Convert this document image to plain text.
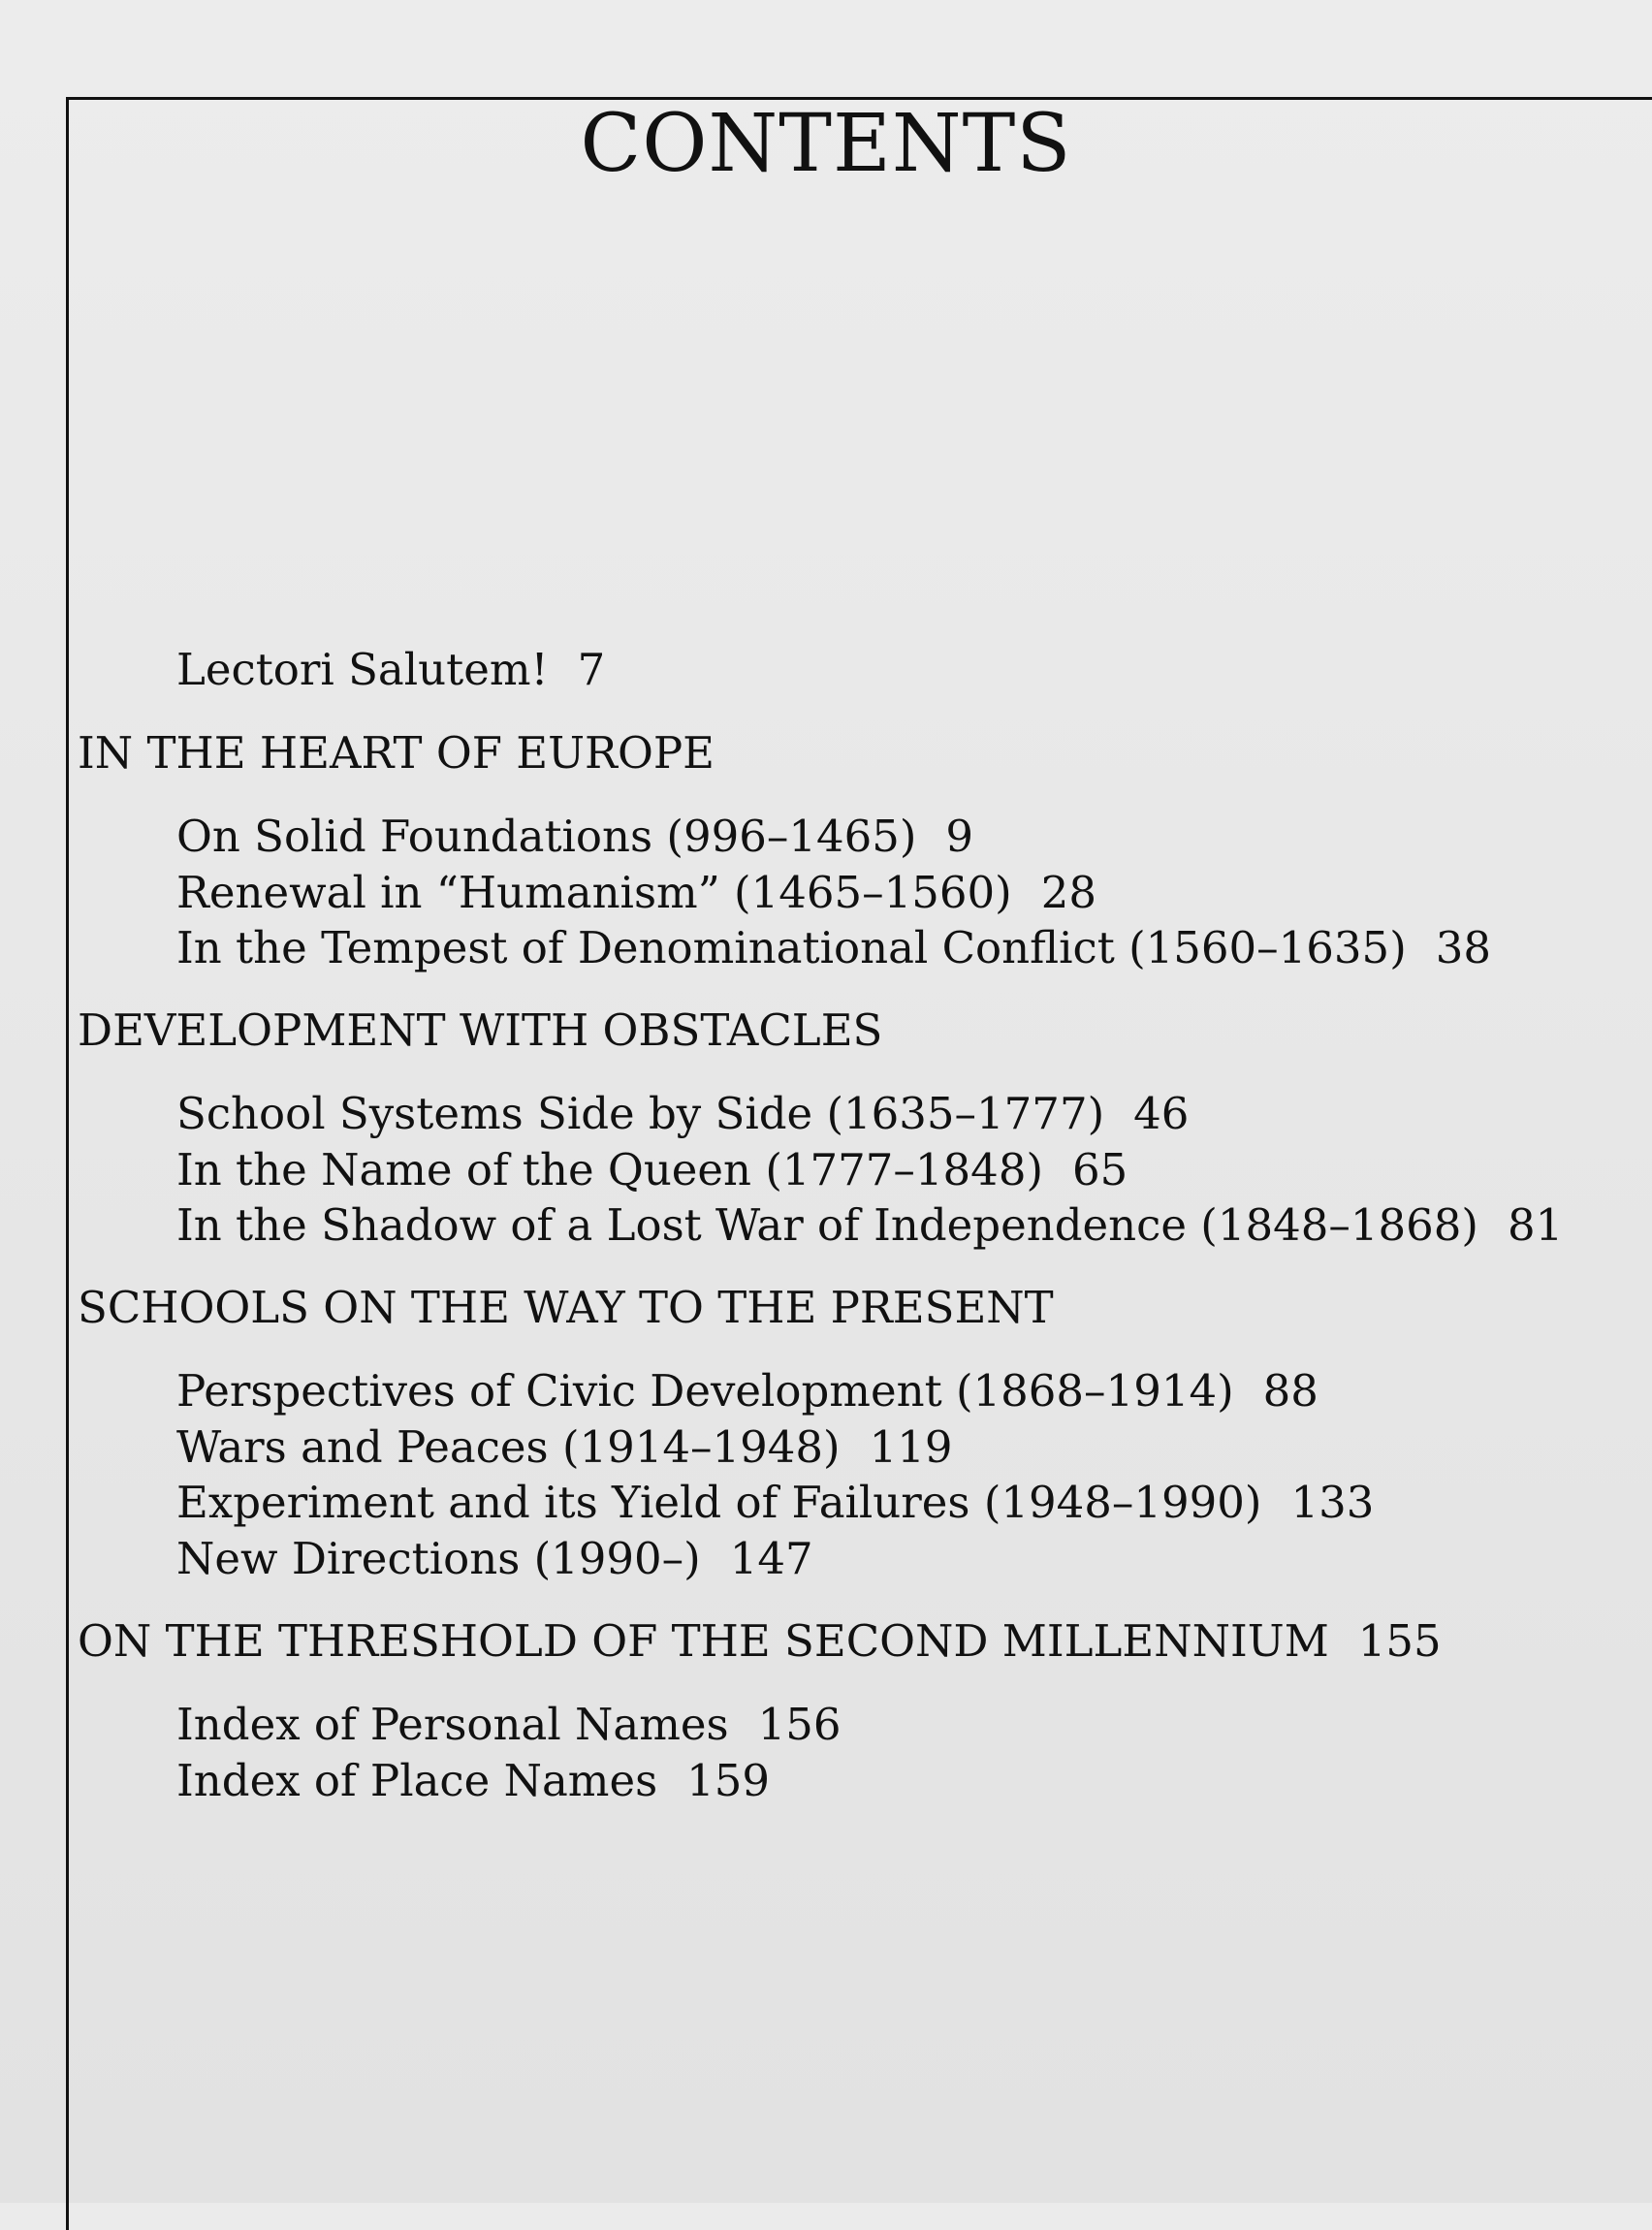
CONTENTS
Lectori Salutem! 7
IN THE HEART OF EUROPE
On Solid Foundations (996–1465) 9
Renewal in “Humanism” (1465–1560) 28
In the Tempest of Denominational Conflict (1560–1635) 38
DEVELOPMENT WITH OBSTACLES
School Systems Side by Side (1635–1777) 46
In the Name of the Queen (1777–1848) 65
In the Shadow of a Lost War of Independence (1848–1868) 81
SCHOOLS ON THE WAY TO THE PRESENT
Perspectives of Civic Development (1868–1914) 88
Wars and Peaces (1914–1948) 119
Experiment and its Yield of Failures (1948–1990) 133
New Directions (1990–) 147
ON THE THRESHOLD OF THE SECOND MILLENNIUM 155
Index of Personal Names 156
Index of Place Names 159
